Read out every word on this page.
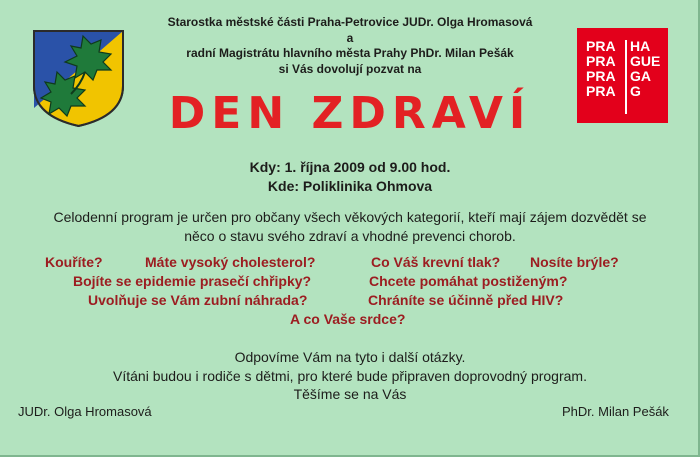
Starostka městské části Praha-Petrovice JUDr. Olga Hromasová
a
radní Magistrátu hlavního města Prahy PhDr. Milan Pešák
si Vás dovolují pozvat na
PRA
PRA
PRA
PRA
HA
GUE
GA
G
DEN ZDRAVÍ
Kdy: 1. října 2009 od 9.00 hod.
Kde: Poliklinika Ohmova
Celodenní program je určen pro občany všech věkových kategorií, kteří mají zájem dozvědět se něco o stavu svého zdraví a vhodné prevenci chorob.
Kouříte?	Máte vysoký cholesterol?	Co Váš krevní tlak? Nosíte brýle?
Bojíte se epidemie prasečí chřipky?	Chcete pomáhat postiženým?
Uvolňuje se Vám zubní náhrada?	Chráníte se účinně před HIV?
A co Vaše srdce?
Odpovíme Vám na tyto i další otázky.
Vítáni budou i rodiče s dětmi, pro které bude připraven doprovodný program.
Těšíme se na Vás
JUDr. Olga Hromasová	PhDr. Milan Pešák
